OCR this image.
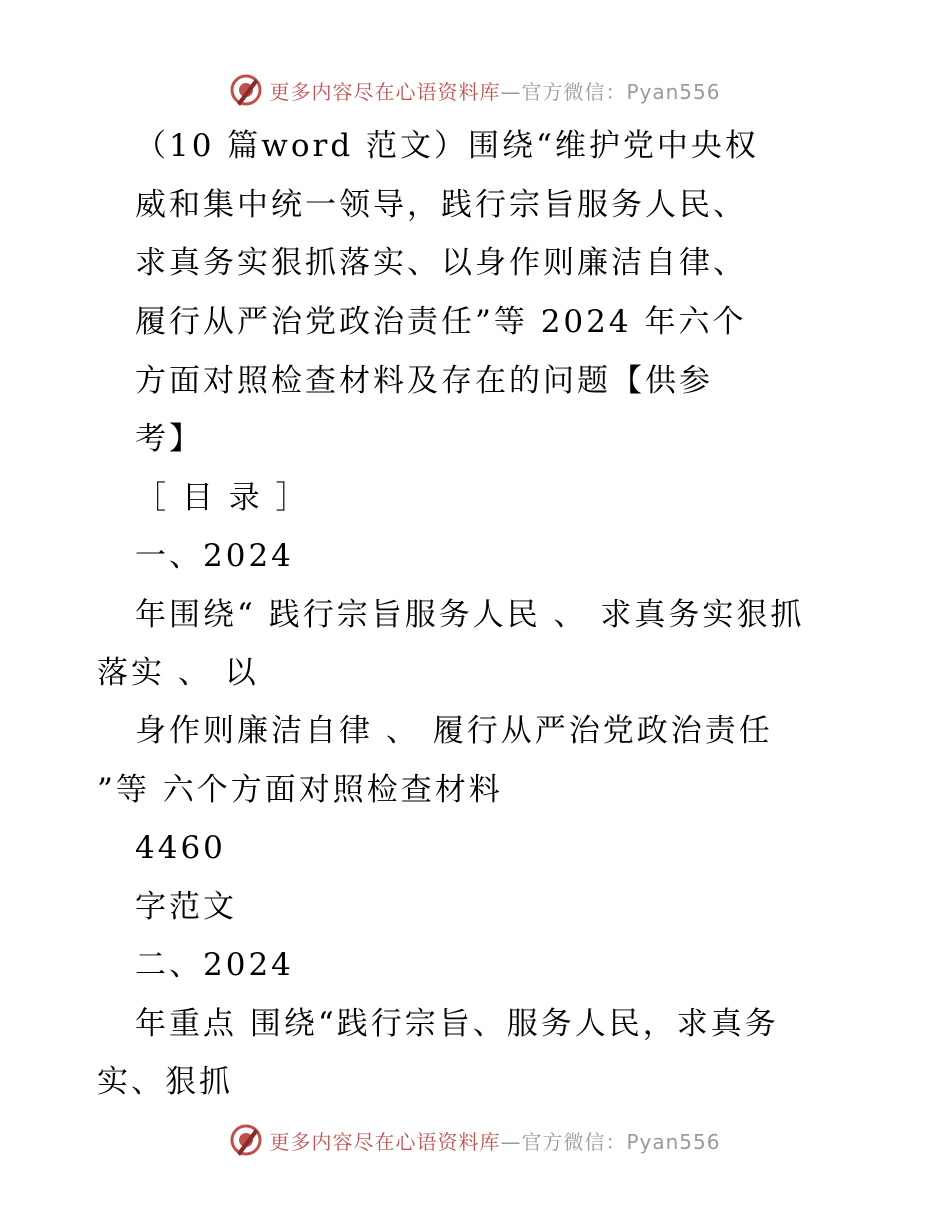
更多内容尽在心语资料库—官方微信：Pyan556
（10 篇word 范文）围绕“维护党中央权
威和集中统一领导，践行宗旨服务人民、
求真务实狠抓落实、以身作则廉洁自律、
履行从严治党政治责任”等 2024 年六个
方面对照检查材料及存在的问题【供参
考】
［ 目 录 ］
一、2024
年围绕“ 践行宗旨服务人民 、 求真务实狠抓
落实 、 以
身作则廉洁自律 、 履行从严治党政治责任
”等 六个方面对照检查材料
4460
字范文
二、2024
年重点 围绕“践行宗旨、服务人民，求真务
实、狠抓
更多内容尽在心语资料库—官方微信：Pyan556
